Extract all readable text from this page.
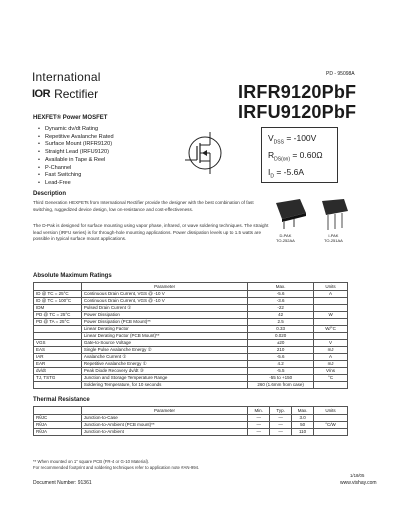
PD - 95098A
International
IOR Rectifier	IRFR9120PbF
IRFU9120PbF
HEXFET® Power MOSFET
• Dynamic dv/dt Rating
• Repetitive Avalanche Rated
• Surface Mount (IRFR9120)
• Straight Lead (IRFU9120)
• Available in Tape & Reel
• P-Channel
• Fast Switching
• Lead-Free
$V_{DSS} = -100V$
$R_{DS(on)} = 0.60\Omega$
$I_D = -5.6A$
Description
Third Generation HEXFETs from International Rectifier provide the designer with the best combination of fast switching, ruggedized device design, low on-resistance and cost-effectiveness.
The D-Pak is designed for surface mounting using vapor phase, infrared, or wave soldering techniques. The straight lead version (IRFU series) is for through-hole mounting applications. Power dissipation levels up to 1.5 watts are possible in typical surface mount applications.
D-PAK
TO-252AA
I-PAK
TO-251AA
Absolute Maximum Ratings
	Parameter	Max.	Units
ID @ TC = 25°C	Continuous Drain Current, VGS @ -10 V	-5.6	A
ID @ TC = 100°C	Continuous Drain Current, VGS @ -10 V	-3.6	
IDM	Pulsed Drain Current ①	-22	
PD @ TC = 25°C	Power Dissipation	42	W
PD @ TA = 25°C	Power Dissipation (PCB Mount)**	2.5	
	Linear Derating Factor	0.33	W/°C
	Linear Derating Factor (PCB Mount)**	0.020	
VGS	Gate-to-Source Voltage	±20	V
EAS	Single Pulse Avalanche Energy ②	210	mJ
IAR	Avalanche Current ①	-5.6	A
EAR	Repetitive Avalanche Energy ①	4.2	mJ
dv/dt	Peak Diode Recovery dv/dt ③	-5.5	V/ns
TJ, TSTG	Junction and Storage Temperature Range	-55 to +150	°C
	Soldering Temperature, for 10 seconds	260 (1.6mm from case)	
Thermal Resistance
	Parameter	Min.	Typ.	Max.	Units
RθJC	Junction-to-Case	—	—	3.0	
RθJA	Junction-to-Ambient (PCB mount)**	—	—	50	°C/W
RθJA	Junction-to-Ambient	—	—	110	
** When mounted on 1" square PCB (FR-4 or G-10 Material).
For recommended footprint and soldering techniques refer to application note #AN-994.
1/18/05
Document Number: 91361	www.vishay.com
